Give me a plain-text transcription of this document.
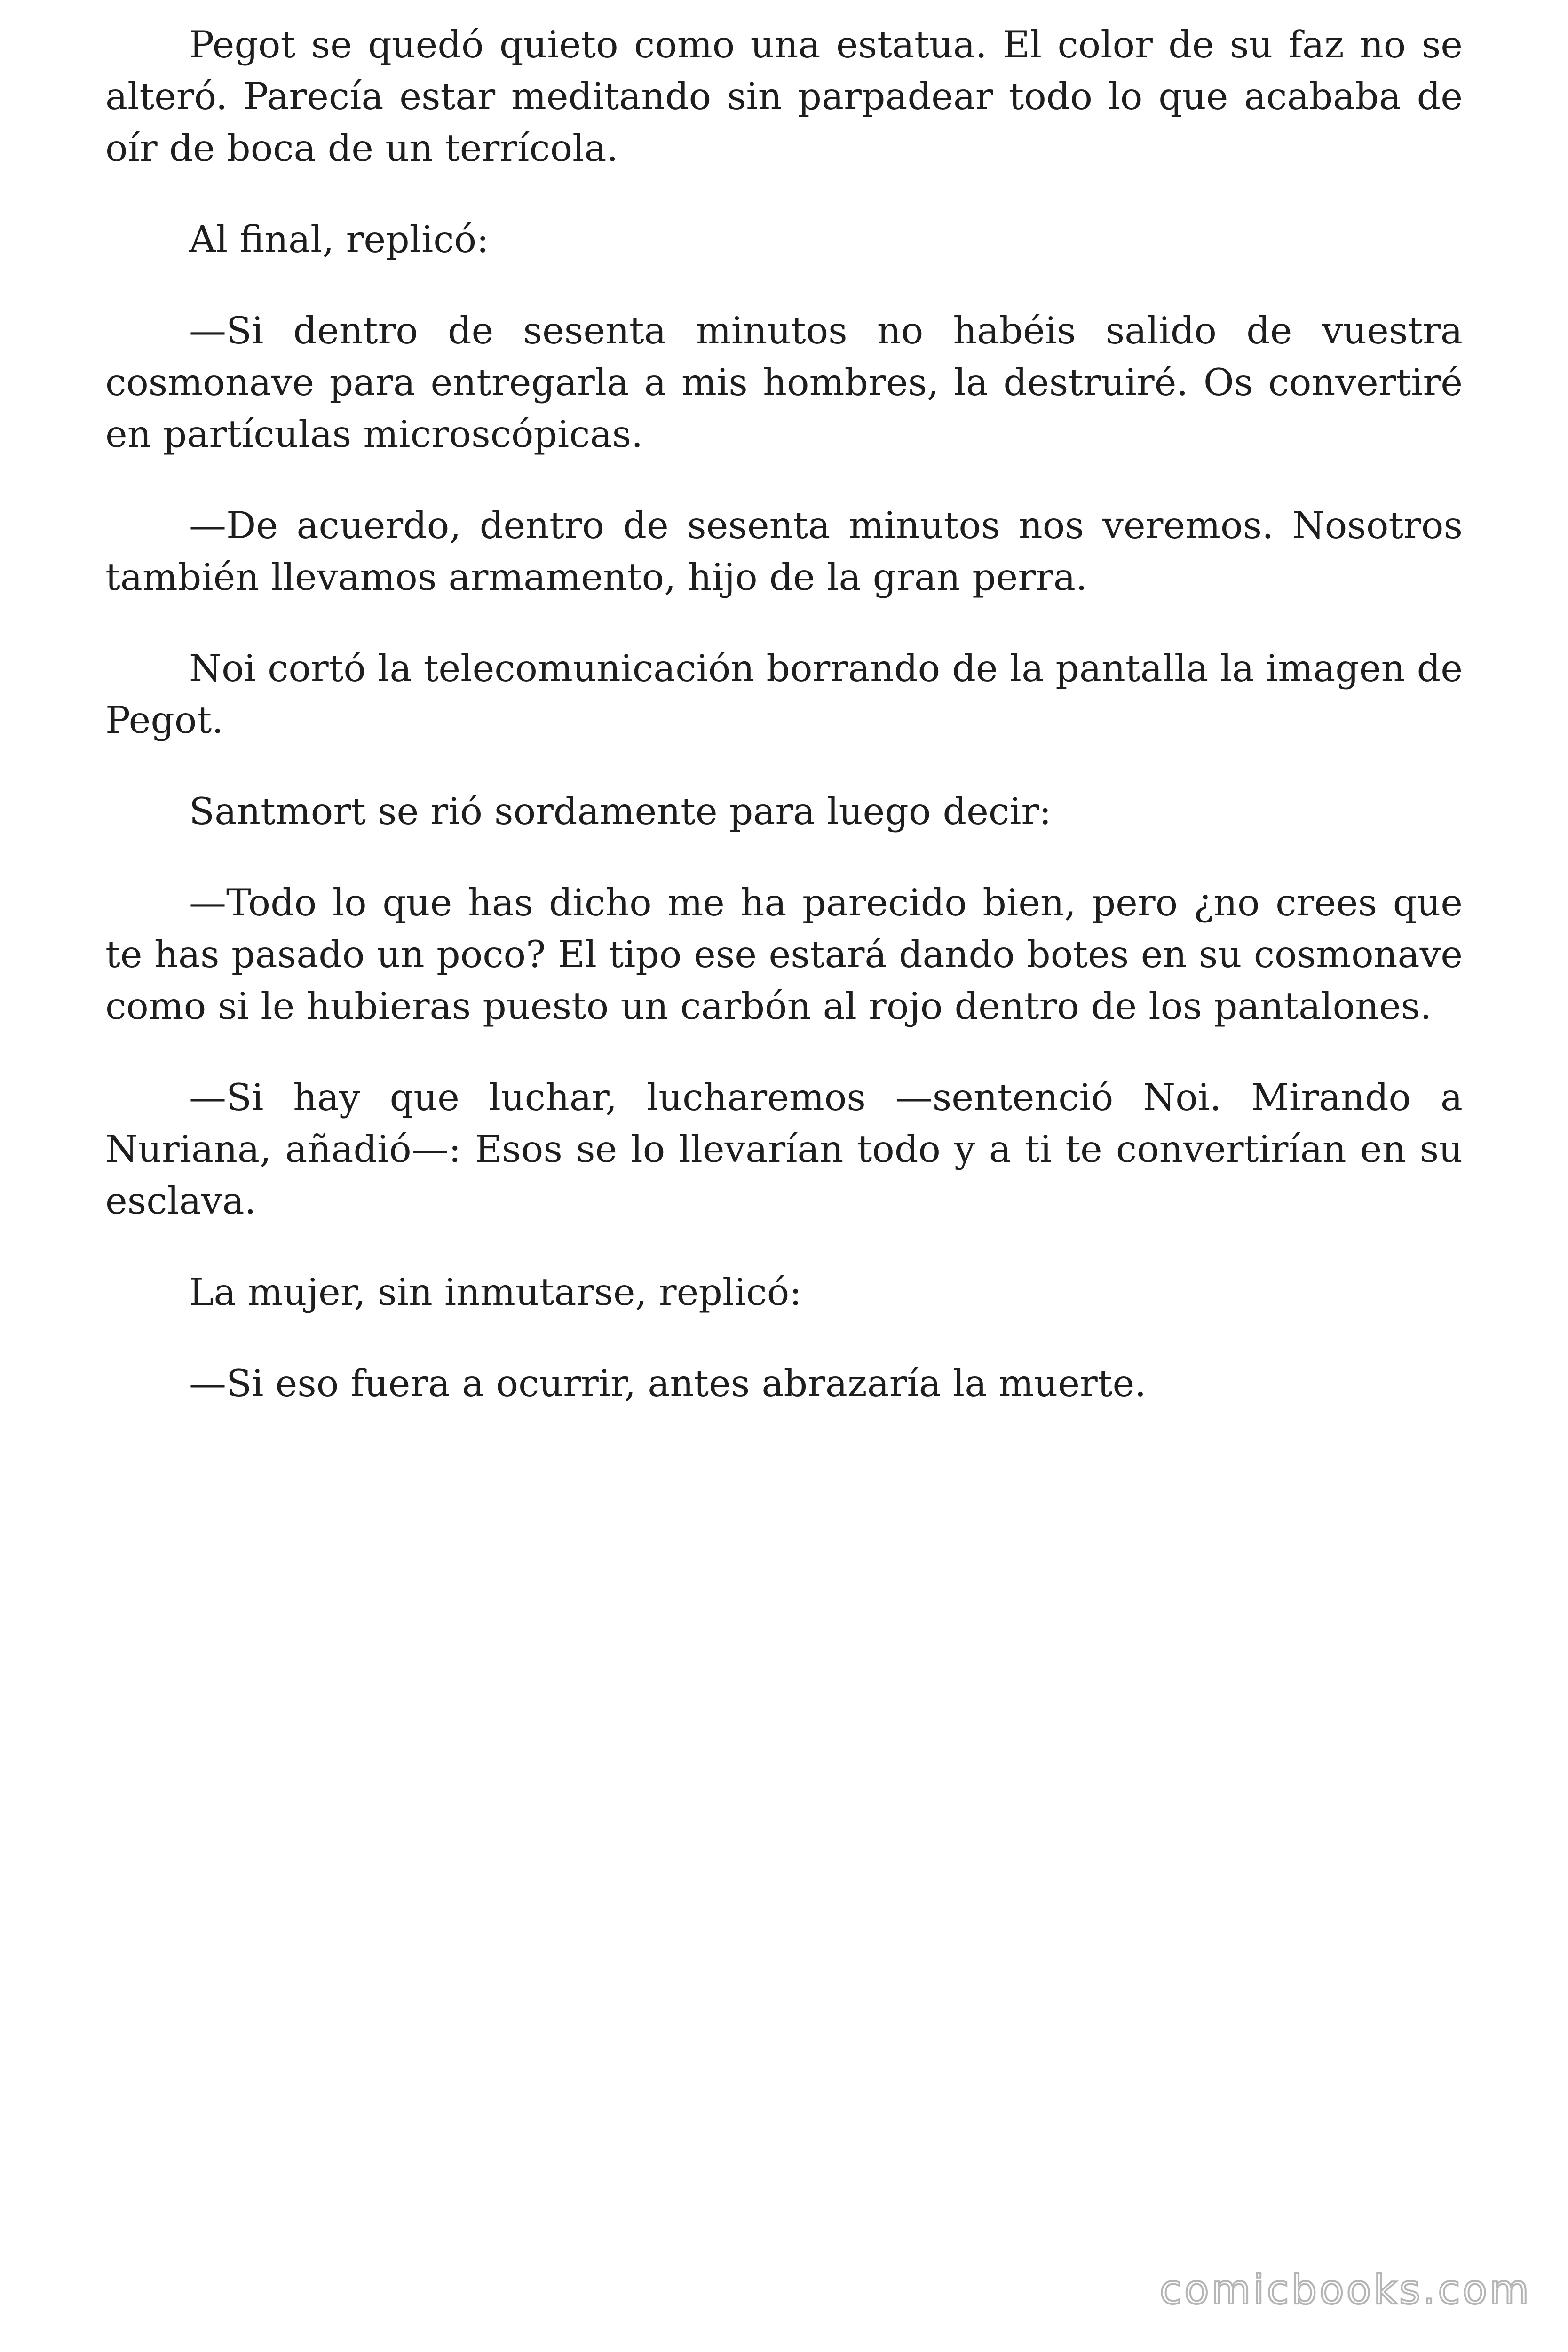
Pegot se quedó quieto como una estatua. El color de su faz no se alteró. Parecía estar meditando sin parpadear todo lo que acababa de oír de boca de un terrícola.

Al final, replicó:

—Si dentro de sesenta minutos no habéis salido de vuestra cosmonave para entregarla a mis hombres, la destruiré. Os convertiré en partículas microscópicas.

—De acuerdo, dentro de sesenta minutos nos veremos. Nosotros también llevamos armamento, hijo de la gran perra.

Noi cortó la telecomunicación borrando de la pantalla la imagen de Pegot.

Santmort se rió sordamente para luego decir:

—Todo lo que has dicho me ha parecido bien, pero ¿no crees que te has pasado un poco? El tipo ese estará dando botes en su cosmonave como si le hubieras puesto un carbón al rojo dentro de los pantalones.

—Si hay que luchar, lucharemos —sentenció Noi. Mirando a Nuriana, añadió—: Esos se lo llevarían todo y a ti te convertirían en su esclava.

La mujer, sin inmutarse, replicó:

—Si eso fuera a ocurrir, antes abrazaría la muerte.

comicbooks.com
